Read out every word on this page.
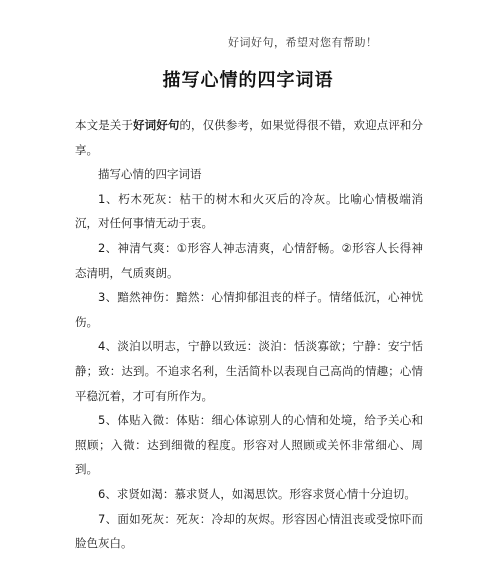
好词好句，希望对您有帮助！
描写心情的四字词语

本文是关于好词好句的，仅供参考，如果觉得很不错，欢迎点评和分享。

描写心情的四字词语

1、朽木死灰：枯干的树木和火灭后的冷灰。比喻心情极端消沉，对任何事情无动于衷。

2、神清气爽：①形容人神志清爽，心情舒畅。②形容人长得神态清明，气质爽朗。

3、黯然神伤：黯然：心情抑郁沮丧的样子。情绪低沉，心神忧伤。

4、淡泊以明志，宁静以致远：淡泊：恬淡寡欲；宁静：安宁恬静；致：达到。不追求名利，生活简朴以表现自己高尚的情趣；心情平稳沉着，才可有所作为。

5、体贴入微：体贴：细心体谅别人的心情和处境，给予关心和照顾；入微：达到细微的程度。形容对人照顾或关怀非常细心、周到。

6、求贤如渴：慕求贤人，如渴思饮。形容求贤心情十分迫切。

7、面如死灰：死灰：冷却的灰烬。形容因心情沮丧或受惊吓而脸色灰白。
